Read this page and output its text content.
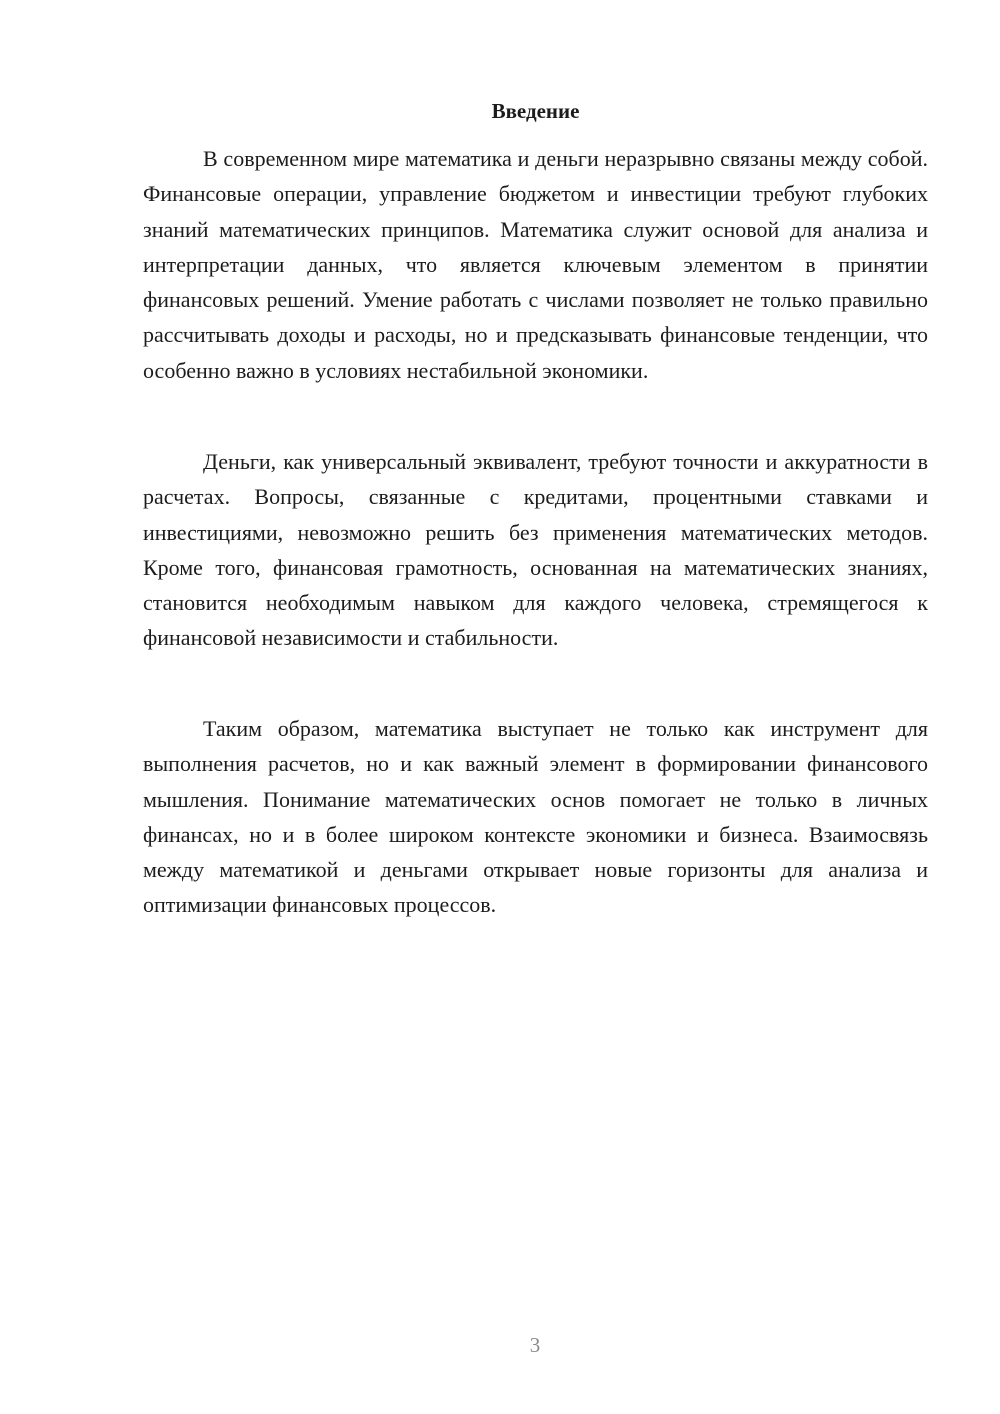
Введение

В современном мире математика и деньги неразрывно связаны между собой. Финансовые операции, управление бюджетом и инвестиции требуют глубоких знаний математических принципов. Математика служит основой для анализа и интерпретации данных, что является ключевым элементом в принятии финансовых решений. Умение работать с числами позволяет не только правильно рассчитывать доходы и расходы, но и предсказывать финансовые тенденции, что особенно важно в условиях нестабильной экономики.

Деньги, как универсальный эквивалент, требуют точности и аккуратности в расчетах. Вопросы, связанные с кредитами, процентными ставками и инвестициями, невозможно решить без применения математических методов. Кроме того, финансовая грамотность, основанная на математических знаниях, становится необходимым навыком для каждого человека, стремящегося к финансовой независимости и стабильности.

Таким образом, математика выступает не только как инструмент для выполнения расчетов, но и как важный элемент в формировании финансового мышления. Понимание математических основ помогает не только в личных финансах, но и в более широком контексте экономики и бизнеса. Взаимосвязь между математикой и деньгами открывает новые горизонты для анализа и оптимизации финансовых процессов.

3
